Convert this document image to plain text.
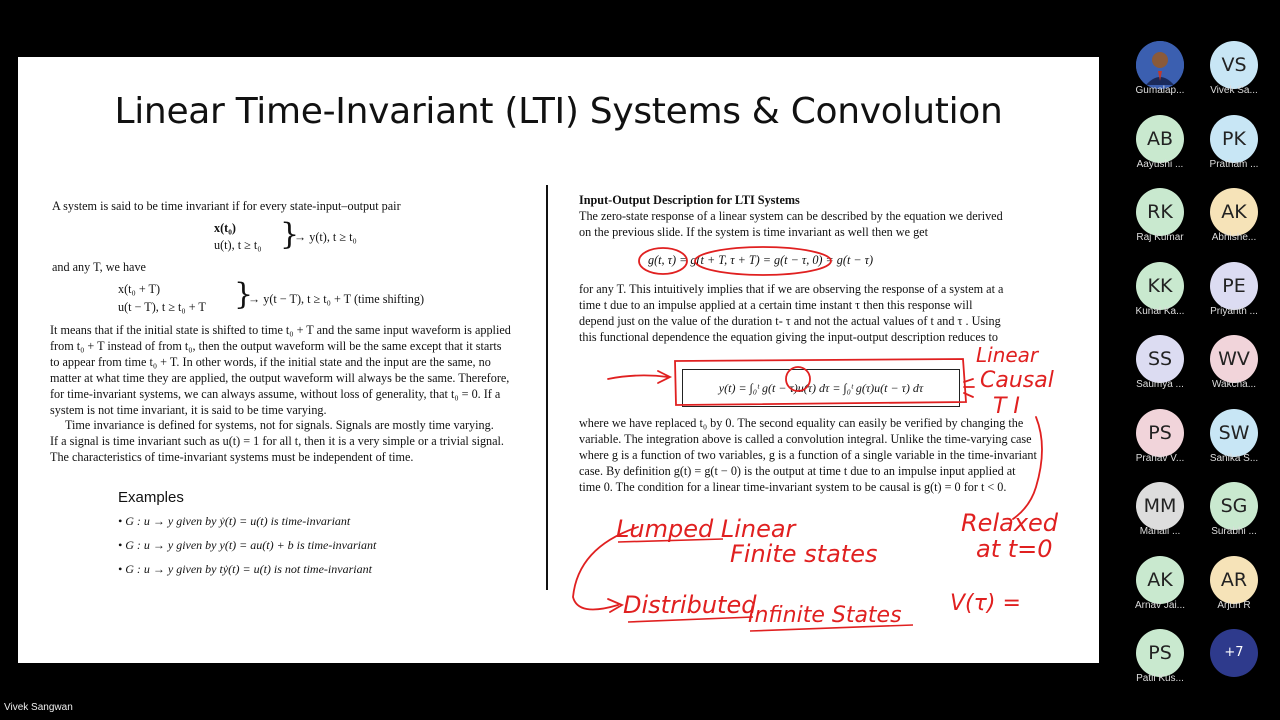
Linear Time-Invariant (LTI) Systems & Convolution
A system is said to be time invariant if for every state-input–output pair
x(t₀)
u(t), t ≥ t₀ }
→ y(t), t ≥ t₀
and any T, we have
x(t₀ + T)
u(t − T), t ≥ t₀ + T }
→ y(t − T), t ≥ t₀ + T (time shifting)
It means that if the initial state is shifted to time t₀ + T and the same input waveform is applied
from t₀ + T instead of from t₀, then the output waveform will be the same except that it starts
to appear from time t₀ + T. In other words, if the initial state and the input are the same, no
matter at what time they are applied, the output waveform will always be the same. Therefore,
for time-invariant systems, we can always assume, without loss of generality, that t₀ = 0. If a
system is not time invariant, it is said to be time varying.
Time invariance is defined for systems, not for signals. Signals are mostly time varying.
If a signal is time invariant such as u(t) = 1 for all t, then it is a very simple or a trivial signal.
The characteristics of time-invariant systems must be independent of time.
Examples
• G : u → y given by ẏ(t) = u(t) is time-invariant
• G : u → y given by y(t) = au(t) + b is time-invariant
• G : u → y given by tẏ(t) = u(t) is not time-invariant
Input-Output Description for LTI Systems
The zero-state response of a linear system can be described by the equation we derived
on the previous slide. If the system is time invariant as well then we get
g(t, τ) = g(t + T, τ + T) = g(t − τ, 0) = g(t − τ)
for any T. This intuitively implies that if we are observing the response of a system at a
time t due to an impulse applied at a certain time instant τ then this response will
depend just on the value of the duration t- τ and not the actual values of t and τ . Using
this functional dependence the equation giving the input-output description reduces to
y(t) = ∫₀ᵗ g(t − τ)u(τ) dτ = ∫₀ᵗ g(τ)u(t − τ) dτ
where we have replaced t₀ by 0. The second equality can easily be verified by changing the
variable. The integration above is called a convolution integral. Unlike the time-varying case
where g is a function of two variables, g is a function of a single variable in the time-invariant
case. By definition g(t) = g(t − 0) is the output at time t due to an impulse input applied at
time 0. The condition for a linear time-invariant system to be causal is g(t) = 0 for t < 0.
Linear
Causal
T I
Lumped Linear
Finite states
Distributed
Infinite States
Relaxed
at t=0
V(τ) =
Gumalap...
VS
Vivek Sa...
AB
Aayushi ...
PK
Pratham ...
RK
Raj Kumar
AK
Abhishe...
KK
Kunal Ka...
PE
Priyanth ...
SS
Saumya ...
WV
Wakcha...
PS
Pranav V...
SW
Sanika S...
MM
Manali ...
SG
Surabhi ...
AK
Arnav Jai...
AR
Arjun R
PS
Patil Kus...
+7
Vivek Sangwan
